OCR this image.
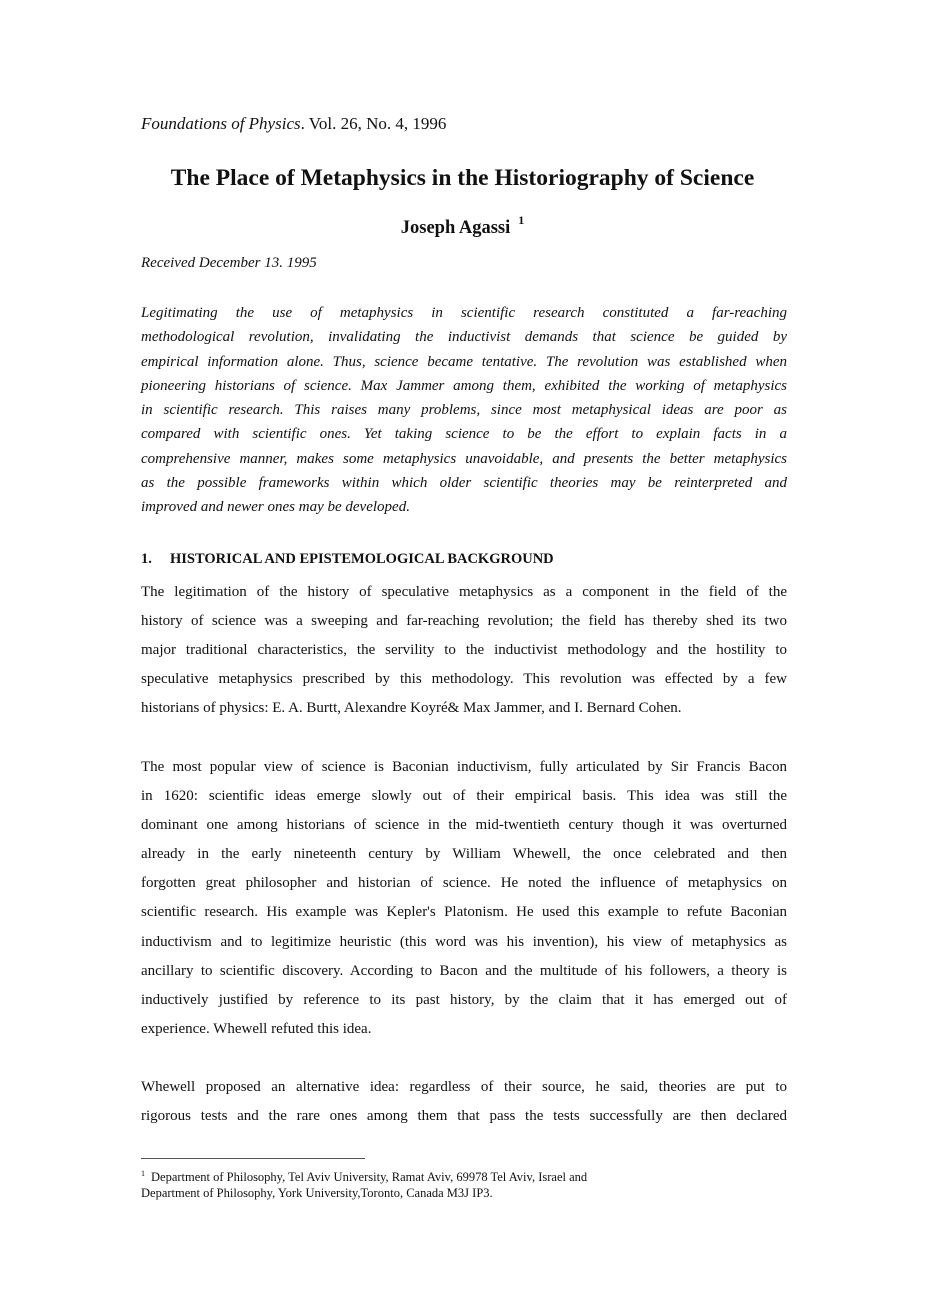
Foundations of Physics. Vol. 26, No. 4, 1996
The Place of Metaphysics in the Historiography of Science
Joseph Agassi $^1$
Received December 13. 1995
Legitimating the use of metaphysics in scientific research constituted a far-reaching
methodological revolution, invalidating the inductivist demands that science be guided by
empirical information alone. Thus, science became tentative. The revolution was established when
pioneering historians of science. Max Jammer among them, exhibited the working of metaphysics
in scientific research. This raises many problems, since most metaphysical ideas are poor as
compared with scientific ones. Yet taking science to be the effort to explain facts in a
comprehensive manner, makes some metaphysics unavoidable, and presents the better metaphysics
as the possible frameworks within which older scientific theories may be reinterpreted and
improved and newer ones may be developed.
1. HISTORICAL AND EPISTEMOLOGICAL BACKGROUND
The legitimation of the history of speculative metaphysics as a component in the field of the
history of science was a sweeping and far-reaching revolution; the field has thereby shed its two
major traditional characteristics, the servility to the inductivist methodology and the hostility to
speculative metaphysics prescribed by this methodology. This revolution was effected by a few
historians of physics: E. A. Burtt, Alexandre Koyré& Max Jammer, and I. Bernard Cohen.
The most popular view of science is Baconian inductivism, fully articulated by Sir Francis Bacon
in 1620: scientific ideas emerge slowly out of their empirical basis. This idea was still the
dominant one among historians of science in the mid-twentieth century though it was overturned
already in the early nineteenth century by William Whewell, the once celebrated and then
forgotten great philosopher and historian of science. He noted the influence of metaphysics on
scientific research. His example was Kepler's Platonism. He used this example to refute Baconian
inductivism and to legitimize heuristic (this word was his invention), his view of metaphysics as
ancillary to scientific discovery. According to Bacon and the multitude of his followers, a theory is
inductively justified by reference to its past history, by the claim that it has emerged out of
experience. Whewell refuted this idea.
Whewell proposed an alternative idea: regardless of their source, he said, theories are put to
rigorous tests and the rare ones among them that pass the tests successfully are then declared
$^1$ Department of Philosophy, Tel Aviv University, Ramat Aviv, 69978 Tel Aviv, Israel and
Department of Philosophy, York University,Toronto, Canada M3J IP3.
